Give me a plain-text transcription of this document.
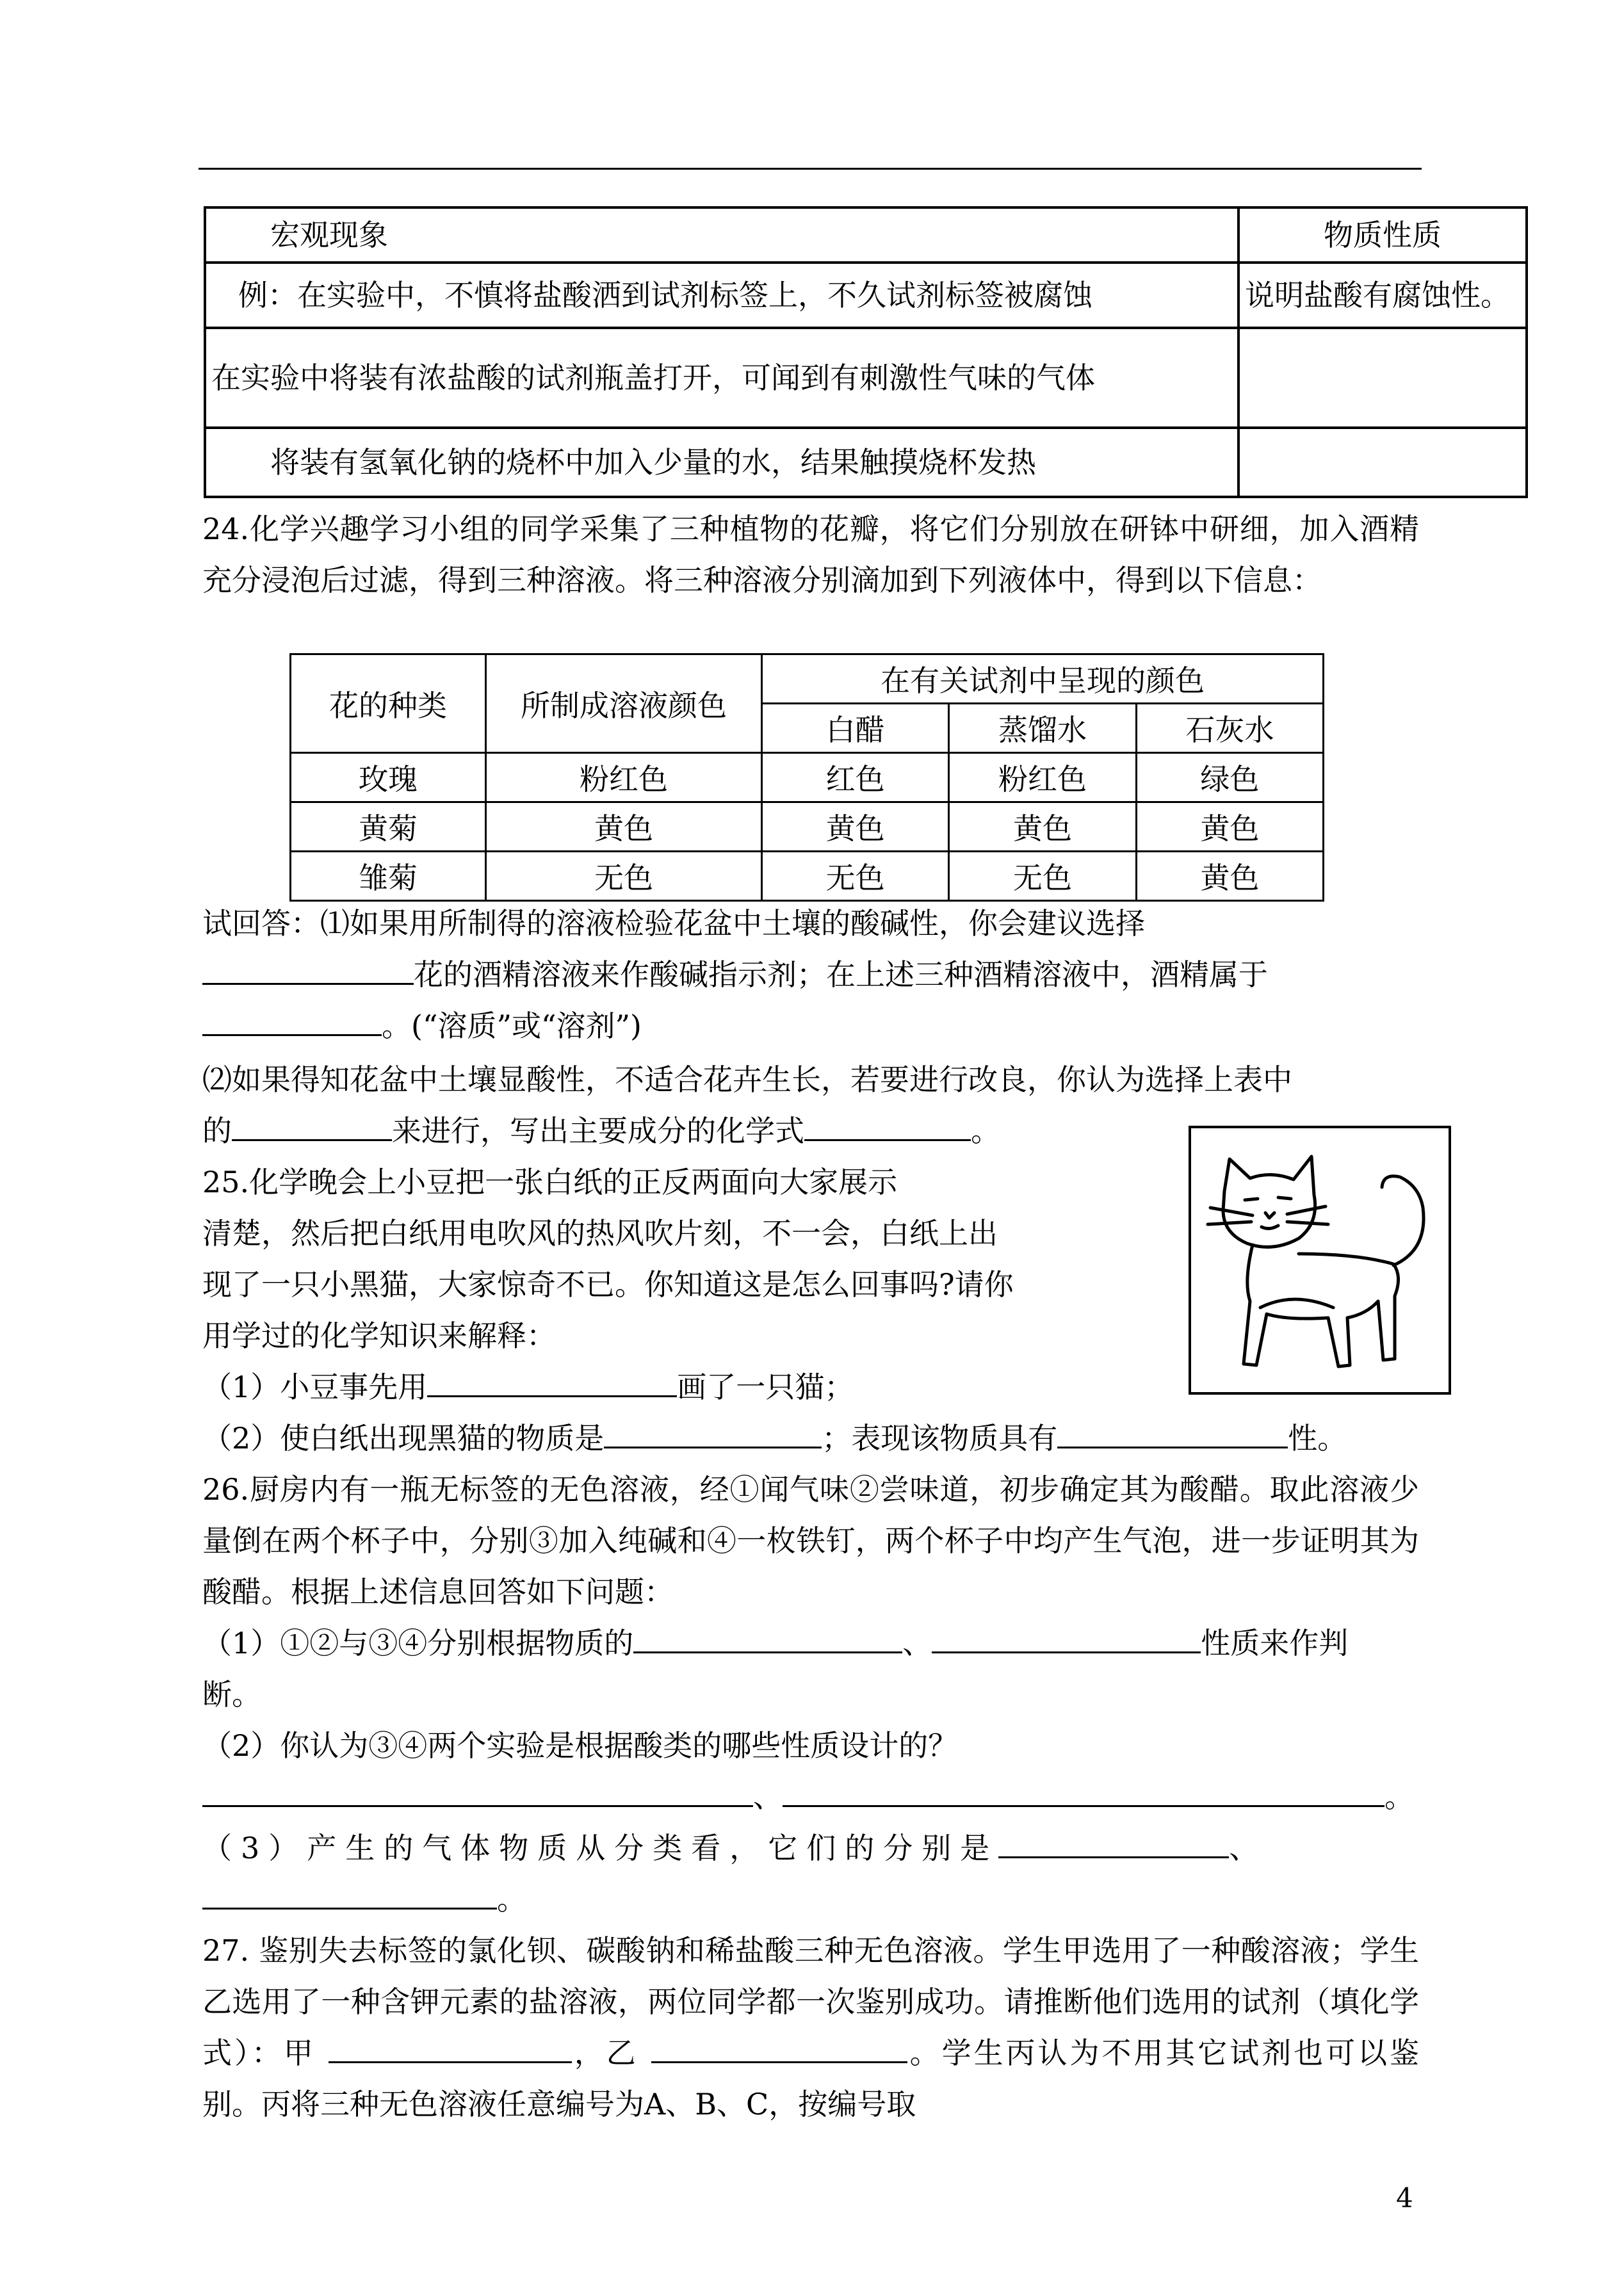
宏观现象	物质性质
例：在实验中，不慎将盐酸洒到试剂标签上，不久试剂标签被腐蚀	说明盐酸有腐蚀性。
在实验中将装有浓盐酸的试剂瓶盖打开，可闻到有刺激性气味的气体	
将装有氢氧化钠的烧杯中加入少量的水，结果触摸烧杯发热	
24.化学兴趣学习小组的同学采集了三种植物的花瓣，将它们分别放在研钵中研细，加入酒精充分浸泡后过滤，得到三种溶液。将三种溶液分别滴加到下列液体中，得到以下信息：
花的种类	所制成溶液颜色	在有关试剂中呈现的颜色		
		白醋	蒸馏水	石灰水
玫瑰	粉红色	红色	粉红色	绿色
黄菊	黄色	黄色	黄色	黄色
雏菊	无色	无色	无色	黄色
试回答：⑴如果用所制得的溶液检验花盆中土壤的酸碱性，你会建议选择
花的酒精溶液来作酸碱指示剂；在上述三种酒精溶液中，酒精属于
。(“溶质”或“溶剂”)
⑵如果得知花盆中土壤显酸性，不适合花卉生长，若要进行改良，你认为选择上表中
的	来进行，写出主要成分的化学式	。
25.化学晚会上小豆把一张白纸的正反两面向大家展示
清楚，然后把白纸用电吹风的热风吹片刻，不一会，白纸上出
现了一只小黑猫，大家惊奇不已。你知道这是怎么回事吗?请你
用学过的化学知识来解释：
（1）小豆事先用	画了一只猫；
（2）使白纸出现黑猫的物质是	；表现该物质具有	性。
26.厨房内有一瓶无标签的无色溶液，经①闻气味②尝味道，初步确定其为酸醋。取此溶液少量倒在两个杯子中，分别③加入纯碱和④一枚铁钉，两个杯子中均产生气泡，进一步证明其为酸醋。根据上述信息回答如下问题：
（1）①②与③④分别根据物质的	、	性质来作判
断。
（2）你认为③④两个实验是根据酸类的哪些性质设计的？
、	。
（3）产生的气体物质从分类看，它们的分别是	、
。
27. 鉴别失去标签的氯化钡、碳酸钠和稀盐酸三种无色溶液。学生甲选用了一种酸溶液；学生乙选用了一种含钾元素的盐溶液，两位同学都一次鉴别成功。请推断他们选用的试剂（填化学式）：甲	，乙	。学生丙认为不用其它试剂也可以鉴别。丙将三种无色溶液任意编号为A、B、C，按编号取
4
